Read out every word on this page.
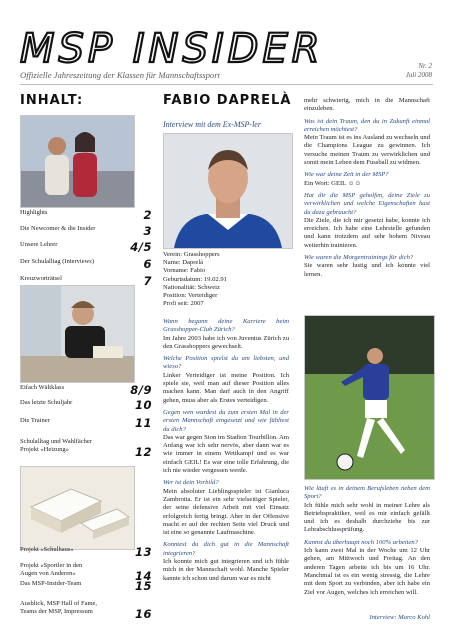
MSP INSIDER
Offizielle Jahreszeitung der Klassen für Mannschaftssport
Nr. 2
Juli 2008
INHALT:
Highlights	2
Die Newcomer & die Insider	3
Unsere Lehrer	4/5
Der Schulalltag (Interviews)	6
Kreuzworträtsel	7
Eifach Wältklass	8/9
Das letzte Schuljahr	10
Die Trainer	11
Schulalltag und Wahlfächer
Projekt «Heizung»	12
Projekt «Schulhaus»	13
Projekt «Sportler in den
Augen von Anderen»	14
Das MSP-Insider-Team	15
Ausblick, MSP Hall of Fame,
Teams der MSP, Impressum	16
FABIO DAPRELÀ
Interview mit dem Ex-MSP-ler
Verein: Grasshoppers
Name: Daprelà
Vorname: Fabio
Geburtsdatum: 19.02.91
Nationalität: Schweiz
Position: Verteidiger
Profi seit: 2007

Wann begann deine Karriere beim Grasshopper-Club Zürich?
Im Jahre 2003 habe ich von Juventus Zürich zu den Grasshoppers gewechselt.

Welche Position spielst du am liebsten, und wieso?
Linker Verteidiger ist meine Position. Ich spiele sie, weil man auf dieser Position alles machen kann. Man darf auch in den Angriff gehen, muss aber als Erstes verteidigen.

Gegen wen wurdest du zum ersten Mal in der ersten Mannschaft eingesetzt und wie fühltest du dich?
Das war gegen Sion im Stadion Tourbillon. Am Anfang war ich sehr nervös, aber dann war es wie immer in einem Wettkampf und es war einfach GEIL! Es war eine tolle Erfahrung, die ich nie wieder vergessen werde.

Wer ist dein Vorbild?
Mein absoluter Lieblingsspieler ist Gianluca Zambrotta. Er ist ein sehr vielseitiger Spieler, der seine defensive Arbeit mit viel Einsatz erfolgreich fertig bringt. Aber in der Offensive macht er auf der rechten Seite viel Druck und ist eine so genannte Laufmaschine.

Konntest du dich gut in die Mannschaft integrieren?
Ich konnte mich gut integrieren und ich fühle mich in der Mannschaft wohl. Manche Spieler kannte ich schon und darum war es nicht

mehr schwierig, mich in die Mannschaft einzuleben.

Was ist dein Traum, den du in Zukunft einmal erreichen möchtest?
Mein Traum ist es ins Ausland zu wechseln und die Champions League zu gewinnen. Ich versuche meinen Traum zu verwirklichen und somit mein Leben dem Fussball zu widmen.

Wie war deine Zeit in der MSP?
Ein Wort: GEIL ☺☺

Hat dir die MSP geholfen, deine Ziele zu verwirklichen und welche Eigenschaften hast du dazu gebraucht?
Die Ziele, die ich mir gesetzt habe, konnte ich erreichen. Ich habe eine Lehrstelle gefunden und kann trotzdem auf sehr hohem Niveau weiterhin trainieren.

Wie waren die Morgentrainings für dich?
Sie waren sehr lustig und ich konnte viel lernen.

Wie läuft es in deinem Berufsleben neben dem Sport?
Ich fühle mich sehr wohl in meiner Lehre als Betriebspraktiker, weil es mir einfach gefällt und ich es deshalb durchziehe bis zur Lehrabschlussprüfung.

Kannst du überhaupt noch 100% arbeiten?
Ich kann zwei Mal in der Woche um 12 Uhr gehen, am Mittwoch und Freitag. An den anderen Tagen arbeite ich bis um 16 Uhr. Manchmal ist es ein wenig stressig, die Lehre mit dem Sport zu verbinden, aber ich habe ein Ziel vor Augen, welches ich erreichen will.

Interview: Marco Kohl
